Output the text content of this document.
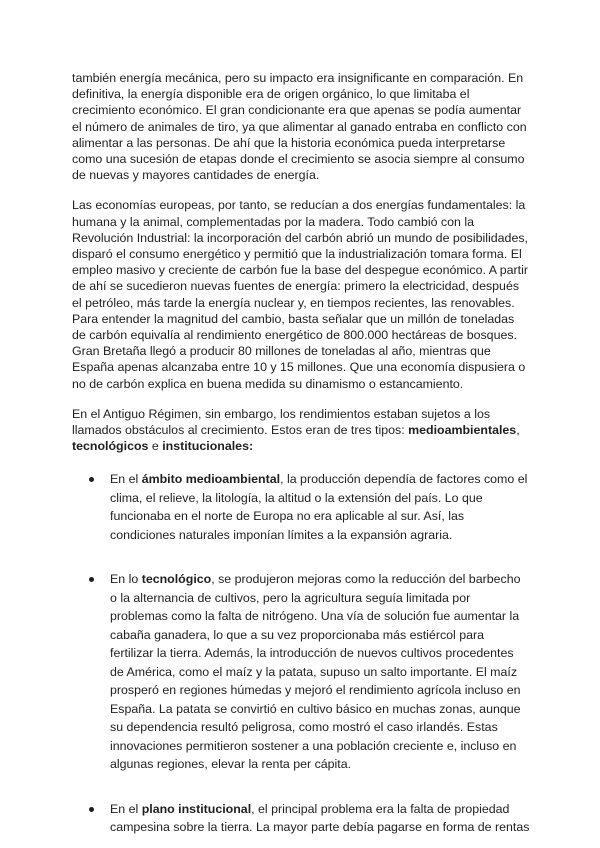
también energía mecánica, pero su impacto era insignificante en comparación. En definitiva, la energía disponible era de origen orgánico, lo que limitaba el crecimiento económico. El gran condicionante era que apenas se podía aumentar el número de animales de tiro, ya que alimentar al ganado entraba en conflicto con alimentar a las personas. De ahí que la historia económica pueda interpretarse como una sucesión de etapas donde el crecimiento se asocia siempre al consumo de nuevas y mayores cantidades de energía.

Las economías europeas, por tanto, se reducían a dos energías fundamentales: la humana y la animal, complementadas por la madera. Todo cambió con la Revolución Industrial: la incorporación del carbón abrió un mundo de posibilidades, disparó el consumo energético y permitió que la industrialización tomara forma. El empleo masivo y creciente de carbón fue la base del despegue económico. A partir de ahí se sucedieron nuevas fuentes de energía: primero la electricidad, después el petróleo, más tarde la energía nuclear y, en tiempos recientes, las renovables. Para entender la magnitud del cambio, basta señalar que un millón de toneladas de carbón equivalía al rendimiento energético de 800.000 hectáreas de bosques. Gran Bretaña llegó a producir 80 millones de toneladas al año, mientras que España apenas alcanzaba entre 10 y 15 millones. Que una economía dispusiera o no de carbón explica en buena medida su dinamismo o estancamiento.

En el Antiguo Régimen, sin embargo, los rendimientos estaban sujetos a los llamados obstáculos al crecimiento. Estos eran de tres tipos: medioambientales, tecnológicos e institucionales:

En el ámbito medioambiental, la producción dependía de factores como el clima, el relieve, la litología, la altitud o la extensión del país. Lo que funcionaba en el norte de Europa no era aplicable al sur. Así, las condiciones naturales imponían límites a la expansión agraria.
En lo tecnológico, se produjeron mejoras como la reducción del barbecho o la alternancia de cultivos, pero la agricultura seguía limitada por problemas como la falta de nitrógeno. Una vía de solución fue aumentar la cabaña ganadera, lo que a su vez proporcionaba más estiércol para fertilizar la tierra. Además, la introducción de nuevos cultivos procedentes de América, como el maíz y la patata, supuso un salto importante. El maíz prosperó en regiones húmedas y mejoró el rendimiento agrícola incluso en España. La patata se convirtió en cultivo básico en muchas zonas, aunque su dependencia resultó peligrosa, como mostró el caso irlandés. Estas innovaciones permitieron sostener a una población creciente e, incluso en algunas regiones, elevar la renta per cápita.
En el plano institucional, el principal problema era la falta de propiedad campesina sobre la tierra. La mayor parte debía pagarse en forma de rentas
